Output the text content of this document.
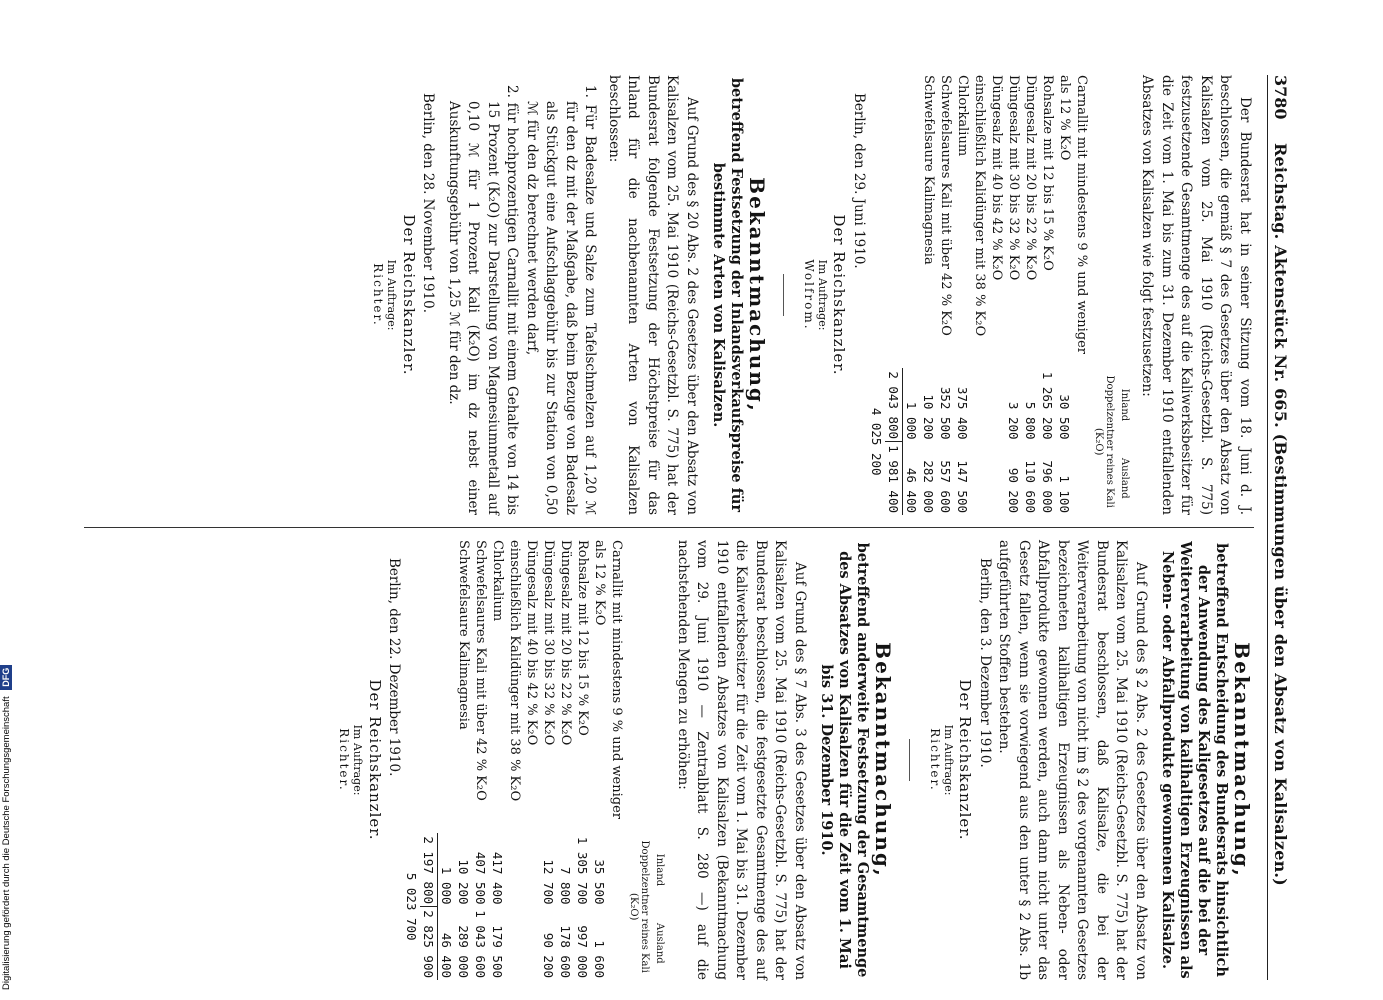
3780
Reichstag. Aktenstück Nr. 665. (Bestimmungen über den Absatz von Kalisalzen.)

Der Bundesrat hat in seiner Sitzung vom 18. Juni d. J. beschlossen, die gemäß § 7 des Gesetzes über den Absatz von Kalisalzen vom 25. Mai 1910 (Reichs-Gesetzbl. S. 775) festzusetzende Gesamtmenge des auf die Kaliwerksbesitzer für die Zeit vom 1. Mai bis zum 31. Dezember 1910 entfallenden Absatzes von Kalisalzen wie folgt festzusetzen:

	Inland	Ausland
	Doppelzentner reines Kali (K₂O)	
Carnallit mit mindestens 9 % und weniger als 12 % K₂O	30 500	1 100
Rohsalze mit 12 bis 15 % K₂O	1 265 200	796 000
Düngesalz mit 20 bis 22 % K₂O	5 800	110 600
Düngesalz mit 30 bis 32 % K₂O	3 200	90 200
Düngesalz mit 40 bis 42 % K₂O einschließlich Kalidünger mit 38 % K₂O		
Chlorkalium	375 400	147 500
Schwefelsaures Kali mit über 42 % K₂O	352 500	557 600
Schwefelsaure Kalimagnesia	10 200	282 000
	1 000	46 400
	2 043 800	1 981 400
	4 025 200	

Berlin, den 29. Juni 1910.

Der Reichskanzler.

Im Auftrage:

Wolfrom.

Bekanntmachung,

betreffend Festsetzung der Inlandsverkaufspreise für bestimmte Arten von Kalisalzen.

Auf Grund des § 20 Abs. 2 des Gesetzes über den Absatz von Kalisalzen vom 25. Mai 1910 (Reichs-Gesetzbl. S. 775) hat der Bundesrat folgende Festsetzung der Höchstpreise für das Inland für die nachbenannten Arten von Kalisalzen beschlossen:

1. Für Badesalze und Salze zum Tafelschmelzen auf 1,20 ℳ für den dz mit der Maßgabe, daß beim Bezuge von Badesalz als Stückgut eine Aufschlaggebühr bis zur Station von 0,50 ℳ für den dz berechnet werden darf,

2. für hochprozentigen Carnallit mit einem Gehalte von 14 bis 15 Prozent (K₂O) zur Darstellung von Magnesiummetall auf 0,10 ℳ für 1 Prozent Kali (K₂O) im dz nebst einer Auskunftungsgebühr von 1,25 ℳ für den dz.

Berlin, den 28. November 1910.

Der Reichskanzler.

Im Auftrage:

Richter.

Bekanntmachung,

betreffend Entscheidung des Bundesrats hinsichtlich der Anwendung des Kaligesetzes auf die bei der Weiterverarbeitung von kalihaltigen Erzeugnissen als Neben- oder Abfallprodukte gewonnenen Kalisalze.

Auf Grund des § 2 Abs. 2 des Gesetzes über den Absatz von Kalisalzen vom 25. Mai 1910 (Reichs-Gesetzbl. S. 775) hat der Bundesrat beschlossen, daß Kalisalze, die bei der Weiterverarbeitung von nicht im § 2 des vorgenannten Gesetzes bezeichneten kalihaltigen Erzeugnissen als Neben- oder Abfallprodukte gewonnen werden, auch dann nicht unter das Gesetz fallen, wenn sie vorwiegend aus den unter § 2 Abs. 1b aufgeführten Stoffen bestehen.

Berlin, den 3. Dezember 1910.

Der Reichskanzler.

Im Auftrage:

Richter.

Bekanntmachung,

betreffend anderweite Festsetzung der Gesamtmenge des Absatzes von Kalisalzen für die Zeit vom 1. Mai bis 31. Dezember 1910.

Auf Grund des § 7 Abs. 3 des Gesetzes über den Absatz von Kalisalzen vom 25. Mai 1910 (Reichs-Gesetzbl. S. 775) hat der Bundesrat beschlossen, die festgesetzte Gesamtmenge des auf die Kaliwerksbesitzer für die Zeit vom 1. Mai bis 31. Dezember 1910 entfallenden Absatzes von Kalisalzen (Bekanntmachung vom 29. Juni 1910 — Zentralblatt S. 280 —) auf die nachstehenden Mengen zu erhöhen:

	Inland	Ausland
	Doppelzentner reines Kali (K₂O)	
Carnallit mit mindestens 9 % und weniger als 12 % K₂O	35 500	1 600
Rohsalze mit 12 bis 15 % K₂O	1 305 700	997 000
Düngesalz mit 20 bis 22 % K₂O	7 800	178 600
Düngesalz mit 30 bis 32 % K₂O	12 700	90 200
Düngesalz mit 40 bis 42 % K₂O einschließlich Kalidünger mit 38 % K₂O		
Chlorkalium	417 400	179 500
Schwefelsaures Kali mit über 42 % K₂O	407 500	1 043 600
Schwefelsaure Kalimagnesia	10 200	289 000
	1 000	46 400
	2 197 800	2 825 900
	5 023 700	

Berlin, den 22. Dezember 1910.

Der Reichskanzler.

Im Auftrage:

Richter.

Digitalisierung gefördert durch die Deutsche Forschungsgemeinschaft DFG
